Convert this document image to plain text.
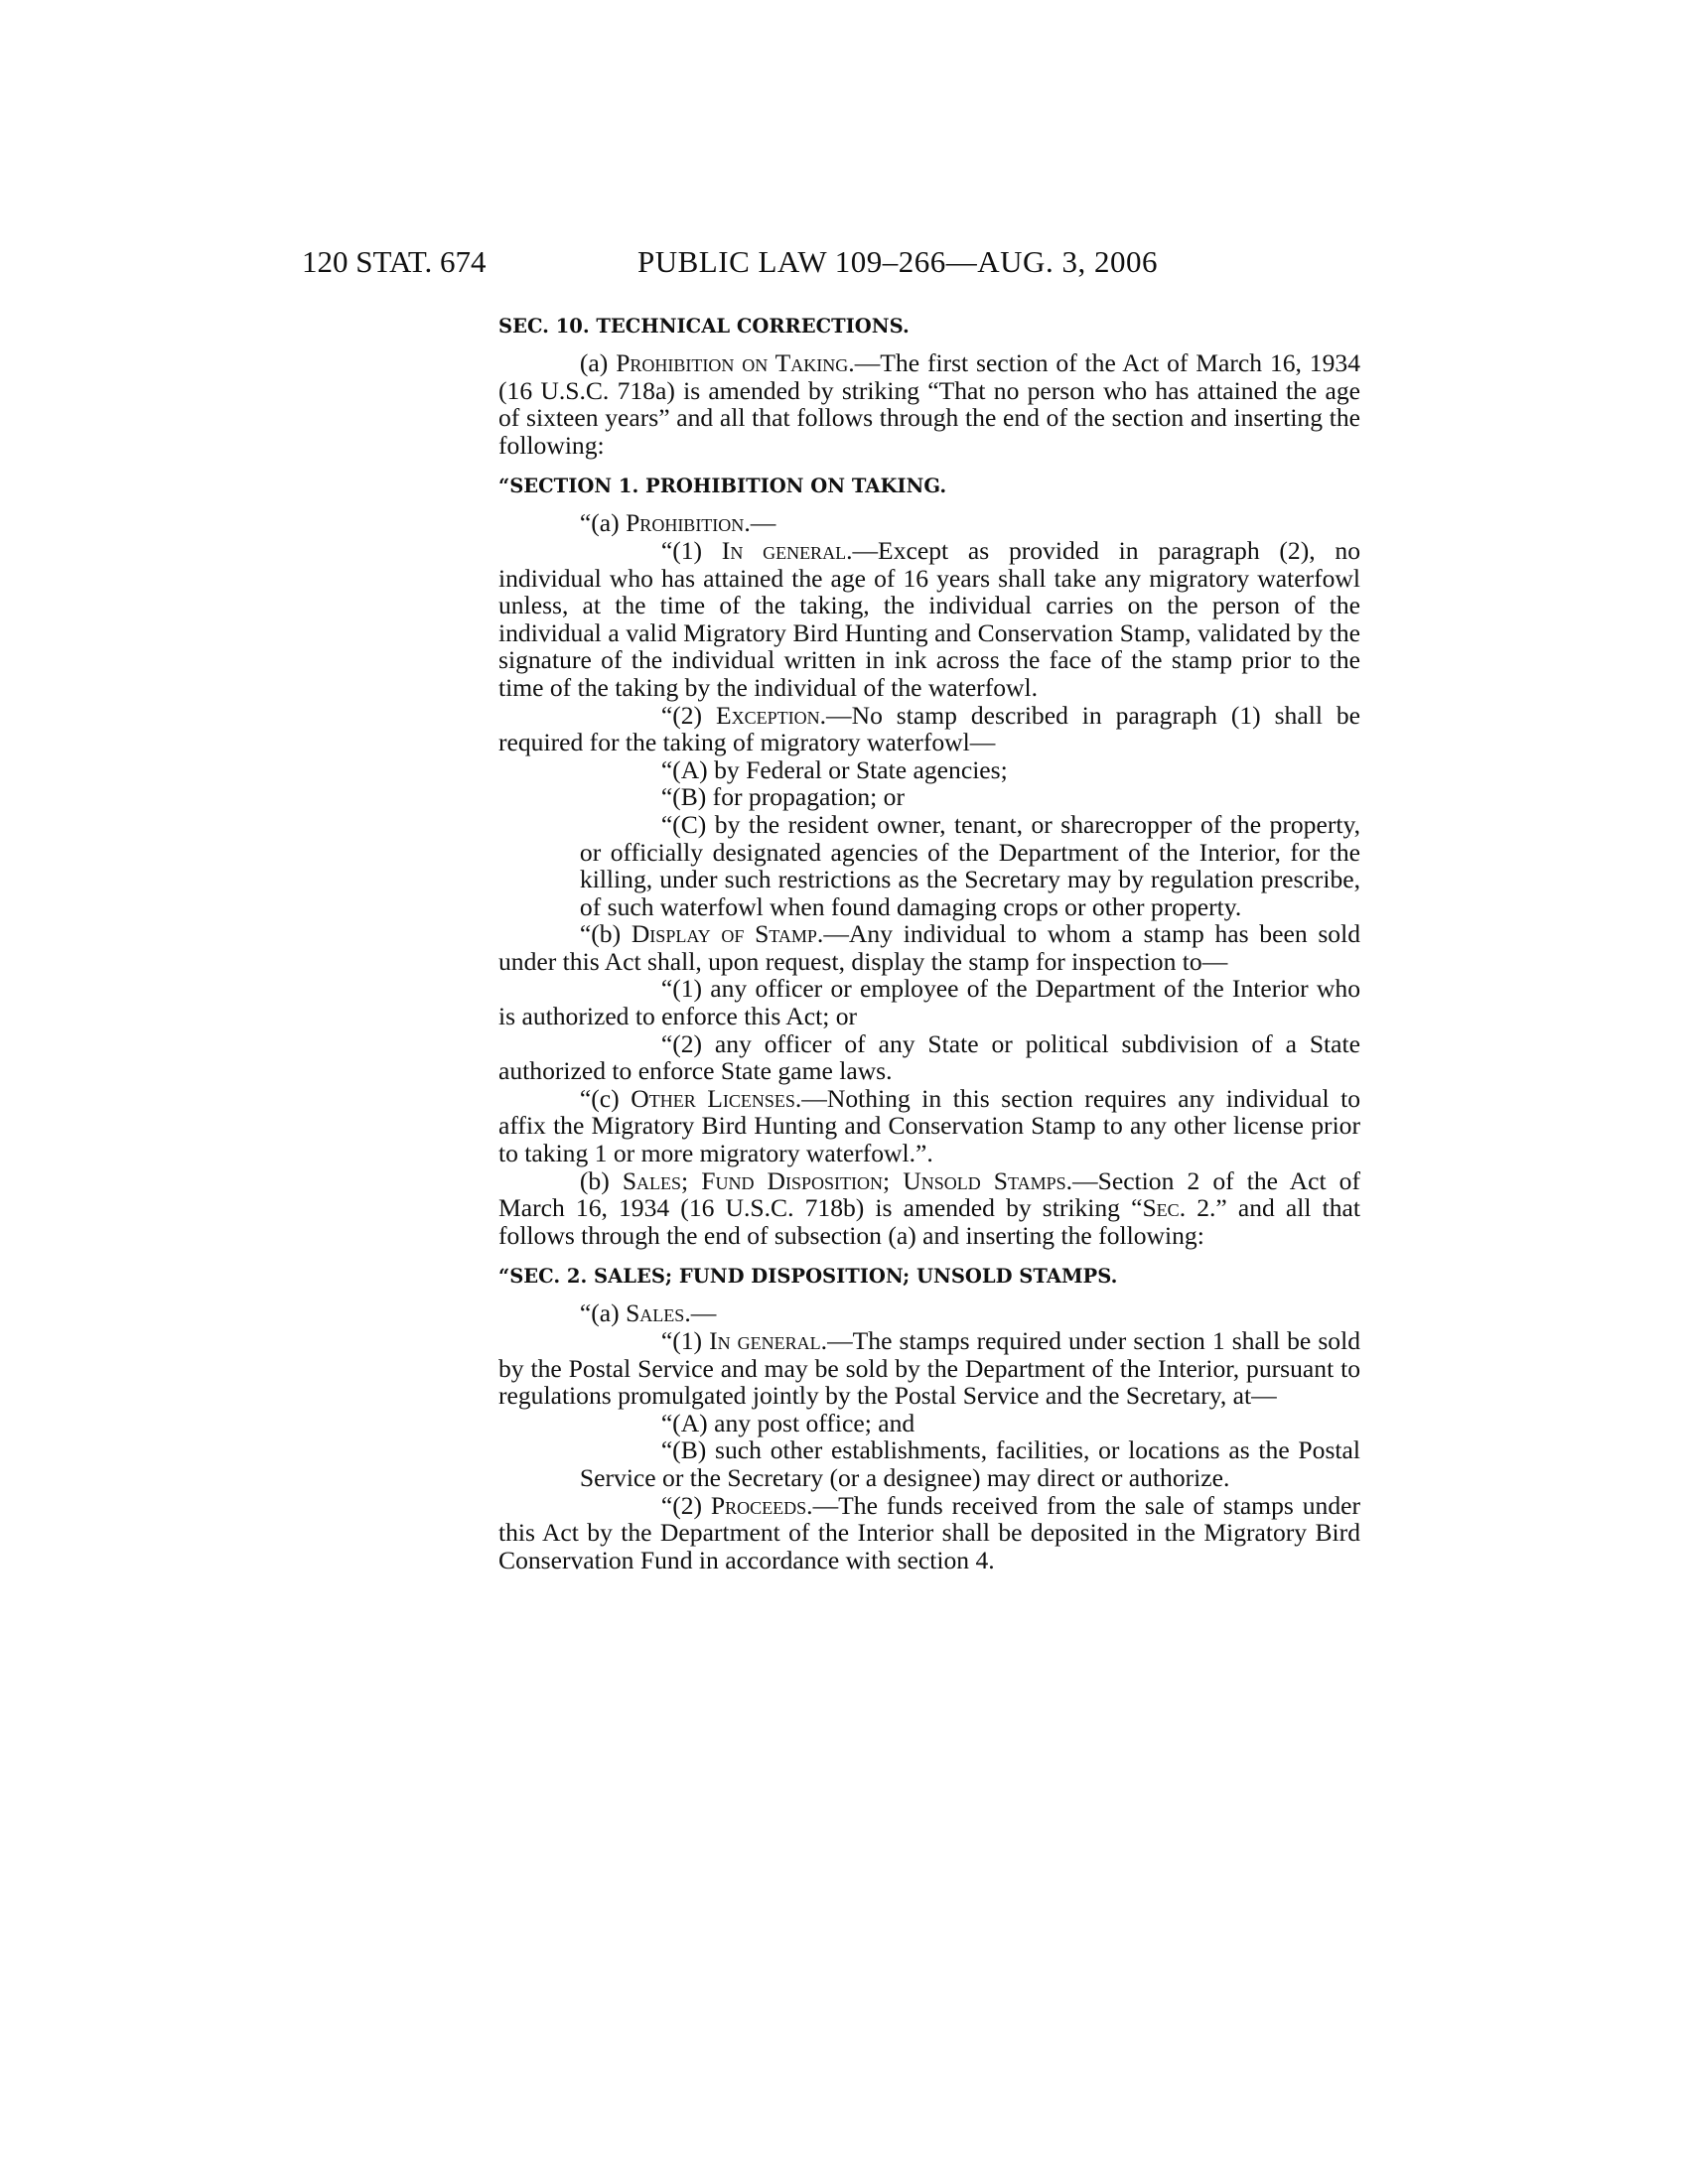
120 STAT. 674	PUBLIC LAW 109–266—AUG. 3, 2006

SEC. 10. TECHNICAL CORRECTIONS.

(a) Prohibition on Taking.—The first section of the Act of March 16, 1934 (16 U.S.C. 718a) is amended by striking “That no person who has attained the age of sixteen years” and all that follows through the end of the section and inserting the following:

“SECTION 1. PROHIBITION ON TAKING.

“(a) Prohibition.—

“(1) In general.—Except as provided in paragraph (2), no individual who has attained the age of 16 years shall take any migratory waterfowl unless, at the time of the taking, the individual carries on the person of the individual a valid Migratory Bird Hunting and Conservation Stamp, validated by the signature of the individual written in ink across the face of the stamp prior to the time of the taking by the individual of the waterfowl.

“(2) Exception.—No stamp described in paragraph (1) shall be required for the taking of migratory waterfowl—

“(A) by Federal or State agencies;

“(B) for propagation; or

“(C) by the resident owner, tenant, or sharecropper of the property, or officially designated agencies of the Department of the Interior, for the killing, under such restrictions as the Secretary may by regulation prescribe, of such waterfowl when found damaging crops or other property.

“(b) Display of Stamp.—Any individual to whom a stamp has been sold under this Act shall, upon request, display the stamp for inspection to—

“(1) any officer or employee of the Department of the Interior who is authorized to enforce this Act; or

“(2) any officer of any State or political subdivision of a State authorized to enforce State game laws.

“(c) Other Licenses.—Nothing in this section requires any individual to affix the Migratory Bird Hunting and Conservation Stamp to any other license prior to taking 1 or more migratory waterfowl.”.

(b) Sales; Fund Disposition; Unsold Stamps.—Section 2 of the Act of March 16, 1934 (16 U.S.C. 718b) is amended by striking “Sec. 2.” and all that follows through the end of subsection (a) and inserting the following:

“SEC. 2. SALES; FUND DISPOSITION; UNSOLD STAMPS.

“(a) Sales.—

“(1) In general.—The stamps required under section 1 shall be sold by the Postal Service and may be sold by the Department of the Interior, pursuant to regulations promulgated jointly by the Postal Service and the Secretary, at—

“(A) any post office; and

“(B) such other establishments, facilities, or locations as the Postal Service or the Secretary (or a designee) may direct or authorize.

“(2) Proceeds.—The funds received from the sale of stamps under this Act by the Department of the Interior shall be deposited in the Migratory Bird Conservation Fund in accordance with section 4.
